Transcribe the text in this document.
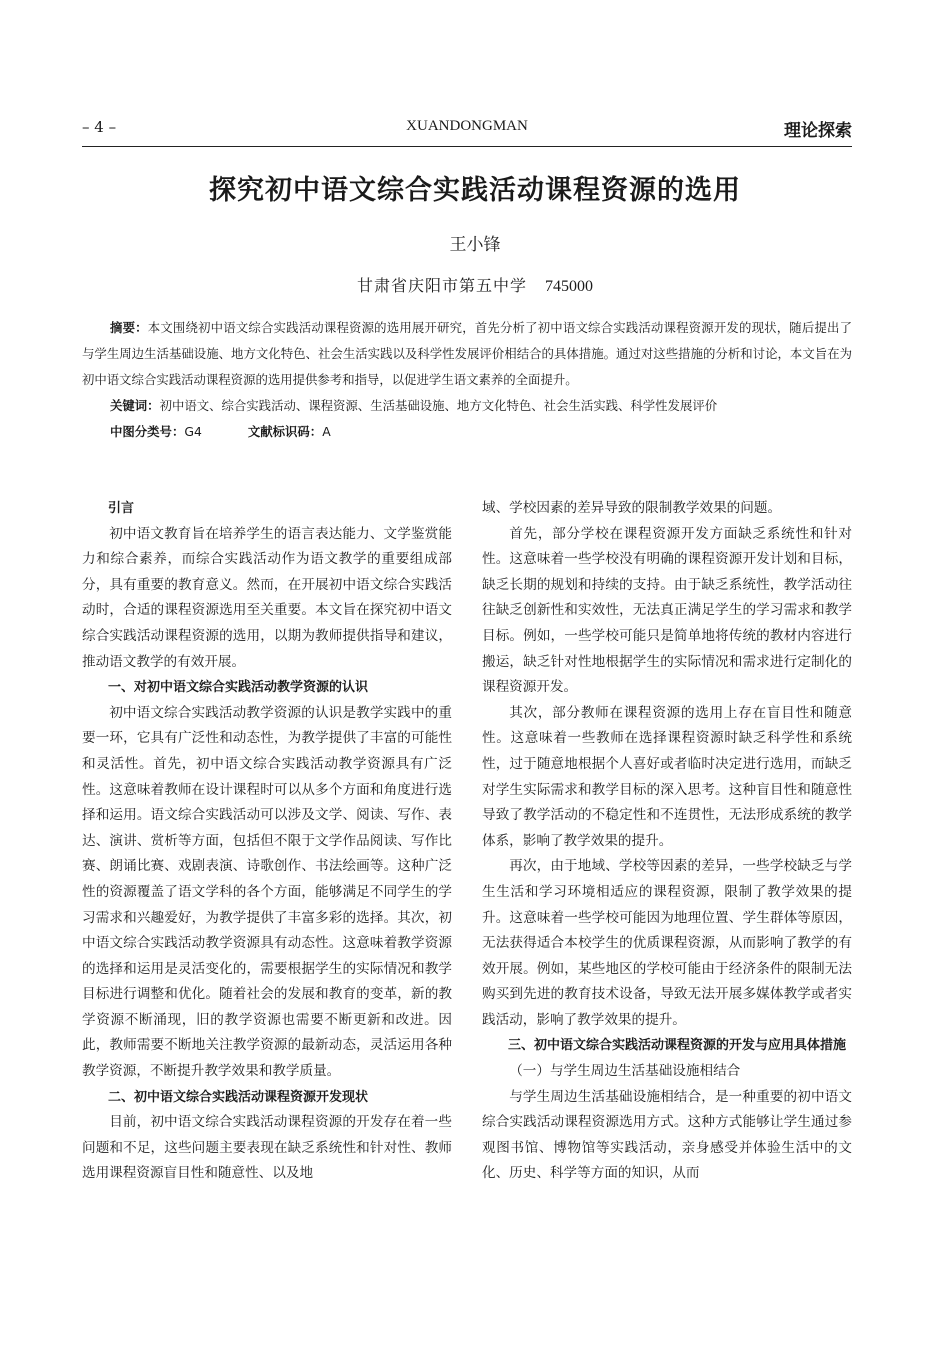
– 4 –	XUANDONGMAN	理论探索
探究初中语文综合实践活动课程资源的选用
王小锋
甘肃省庆阳市第五中学 745000

摘要：本文围绕初中语文综合实践活动课程资源的选用展开研究，首先分析了初中语文综合实践活动课程资源开发的现状，随后提出了与学生周边生活基础设施、地方文化特色、社会生活实践以及科学性发展评价相结合的具体措施。通过对这些措施的分析和讨论，本文旨在为初中语文综合实践活动课程资源的选用提供参考和指导，以促进学生语文素养的全面提升。

关键词：初中语文、综合实践活动、课程资源、生活基础设施、地方文化特色、社会生活实践、科学性发展评价

中图分类号：G4	文献标识码：A

引言

初中语文教育旨在培养学生的语言表达能力、文学鉴赏能力和综合素养，而综合实践活动作为语文教学的重要组成部分，具有重要的教育意义。然而，在开展初中语文综合实践活动时，合适的课程资源选用至关重要。本文旨在探究初中语文综合实践活动课程资源的选用，以期为教师提供指导和建议，推动语文教学的有效开展。

一、对初中语文综合实践活动教学资源的认识

初中语文综合实践活动教学资源的认识是教学实践中的重要一环，它具有广泛性和动态性，为教学提供了丰富的可能性和灵活性。首先，初中语文综合实践活动教学资源具有广泛性。这意味着教师在设计课程时可以从多个方面和角度进行选择和运用。语文综合实践活动可以涉及文学、阅读、写作、表达、演讲、赏析等方面，包括但不限于文学作品阅读、写作比赛、朗诵比赛、戏剧表演、诗歌创作、书法绘画等。这种广泛性的资源覆盖了语文学科的各个方面，能够满足不同学生的学习需求和兴趣爱好，为教学提供了丰富多彩的选择。其次，初中语文综合实践活动教学资源具有动态性。这意味着教学资源的选择和运用是灵活变化的，需要根据学生的实际情况和教学目标进行调整和优化。随着社会的发展和教育的变革，新的教学资源不断涌现，旧的教学资源也需要不断更新和改进。因此，教师需要不断地关注教学资源的最新动态，灵活运用各种教学资源，不断提升教学效果和教学质量。

二、初中语文综合实践活动课程资源开发现状

目前，初中语文综合实践活动课程资源的开发存在着一些问题和不足，这些问题主要表现在缺乏系统性和针对性、教师选用课程资源盲目性和随意性、以及地

域、学校因素的差异导致的限制教学效果的问题。

首先，部分学校在课程资源开发方面缺乏系统性和针对性。这意味着一些学校没有明确的课程资源开发计划和目标，缺乏长期的规划和持续的支持。由于缺乏系统性，教学活动往往缺乏创新性和实效性，无法真正满足学生的学习需求和教学目标。例如，一些学校可能只是简单地将传统的教材内容进行搬运，缺乏针对性地根据学生的实际情况和需求进行定制化的课程资源开发。

其次，部分教师在课程资源的选用上存在盲目性和随意性。这意味着一些教师在选择课程资源时缺乏科学性和系统性，过于随意地根据个人喜好或者临时决定进行选用，而缺乏对学生实际需求和教学目标的深入思考。这种盲目性和随意性导致了教学活动的不稳定性和不连贯性，无法形成系统的教学体系，影响了教学效果的提升。

再次，由于地域、学校等因素的差异，一些学校缺乏与学生生活和学习环境相适应的课程资源，限制了教学效果的提升。这意味着一些学校可能因为地理位置、学生群体等原因，无法获得适合本校学生的优质课程资源，从而影响了教学的有效开展。例如，某些地区的学校可能由于经济条件的限制无法购买到先进的教育技术设备，导致无法开展多媒体教学或者实践活动，影响了教学效果的提升。

三、初中语文综合实践活动课程资源的开发与应用具体措施

（一）与学生周边生活基础设施相结合

与学生周边生活基础设施相结合，是一种重要的初中语文综合实践活动课程资源选用方式。这种方式能够让学生通过参观图书馆、博物馆等实践活动，亲身感受并体验生活中的文化、历史、科学等方面的知识，从而
